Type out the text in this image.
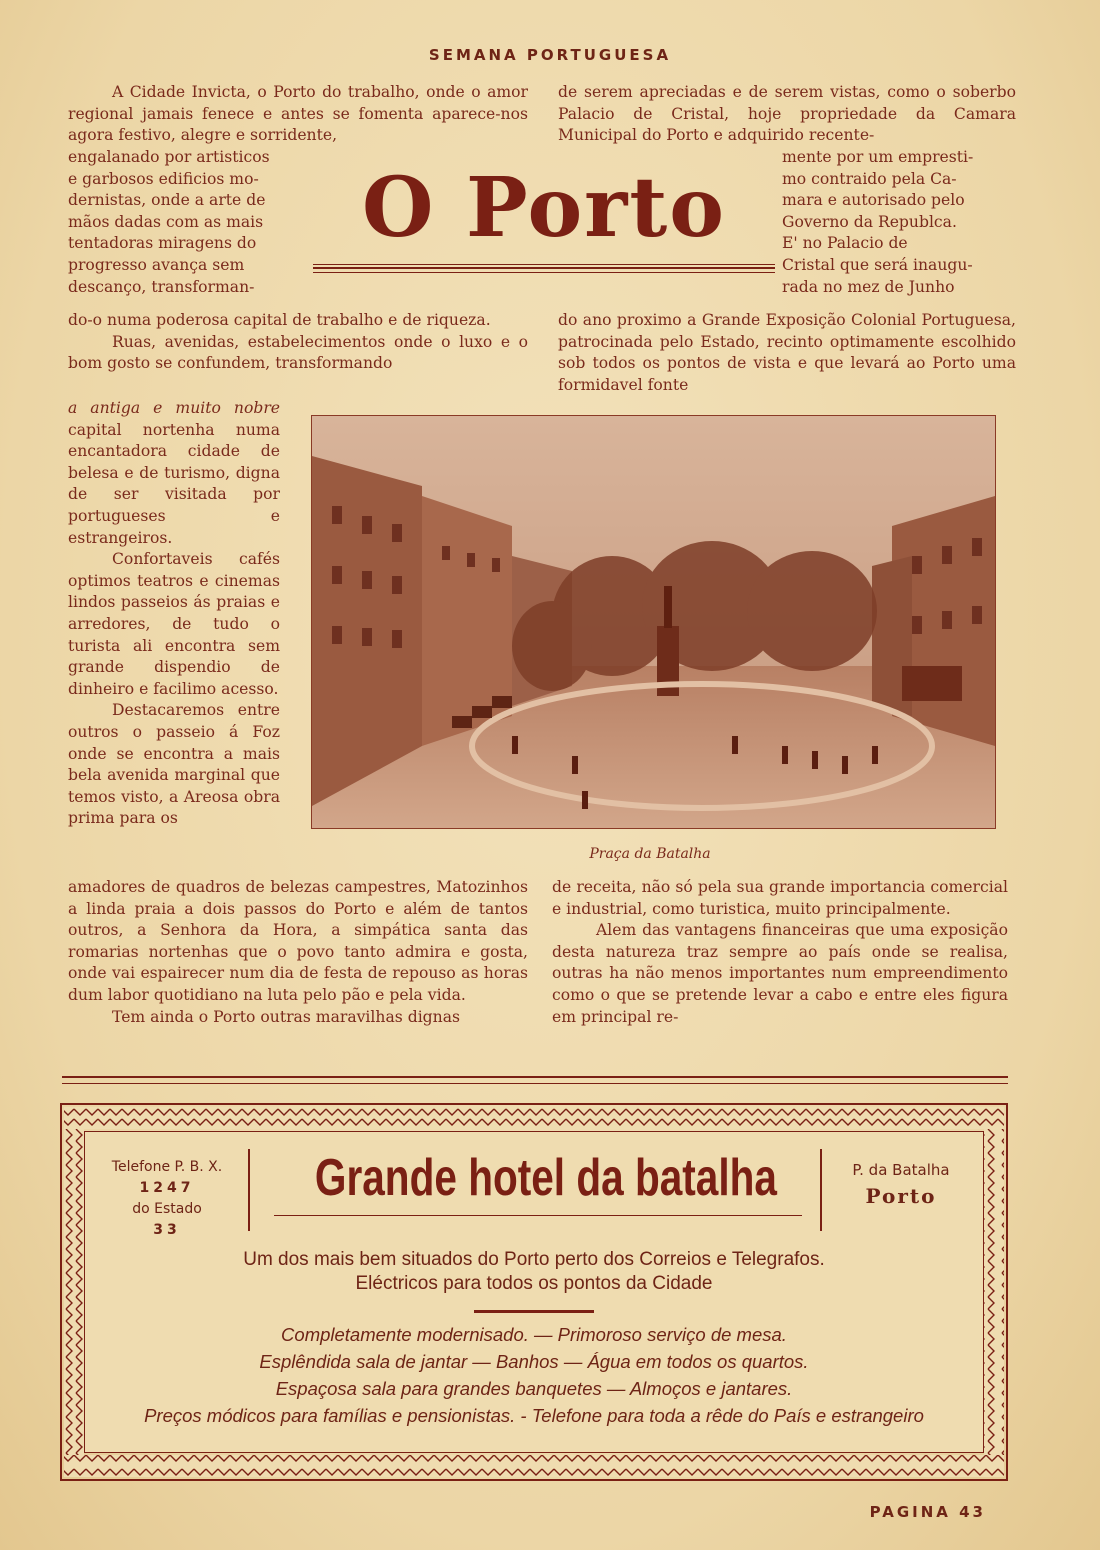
SEMANA PORTUGUESA

A Cidade Invicta, o Porto do trabalho, onde o amor regional jamais fenece e antes se fomenta aparece-nos agora festivo, alegre e sorridente,

engalanado por artisticos
e garbosos edificios mo-
dernistas, onde a arte de
mãos dadas com as mais
tentadoras miragens do
progresso avança sem
descanço, transforman-
O Porto

de serem apreciadas e de serem vistas, como o soberbo Palacio de Cristal, hoje propriedade da Camara Municipal do Porto e adquirido recente-

mente por um empresti-
mo contraido pela Ca-
mara e autorisado pelo
Governo da Republca.
E' no Palacio de
Cristal que será inaugu-
rada no mez de Junho

do-o numa poderosa capital de trabalho e de riqueza.

Ruas, avenidas, estabelecimentos onde o luxo e o bom gosto se confundem, transformando

do ano proximo a Grande Exposição Colonial Portuguesa, patrocinada pelo Estado, recinto optimamente escolhido sob todos os pontos de vista e que levará ao Porto uma formidavel fonte

a antiga e muito nobre capital nortenha numa encantadora cidade de belesa e de turismo, digna de ser visitada por portugueses e estrangeiros.

Confortaveis cafés optimos teatros e cinemas lindos passeios ás praias e arredores, de tudo o turista ali encontra sem grande dispendio de dinheiro e facilimo acesso.

Destacaremos entre outros o passeio á Foz onde se encontra a mais bela avenida marginal que temos visto, a Areosa obra prima para os

Praça da Batalha

amadores de quadros de belezas campestres, Matozinhos a linda praia a dois passos do Porto e além de tantos outros, a Senhora da Hora, a simpática santa das romarias nortenhas que o povo tanto admira e gosta, onde vai espairecer num dia de festa de repouso as horas dum labor quotidiano na luta pelo pão e pela vida.

Tem ainda o Porto outras maravilhas dignas

de receita, não só pela sua grande importancia comercial e industrial, como turistica, muito principalmente.

Alem das vantagens financeiras que uma exposição desta natureza traz sempre ao país onde se realisa, outras ha não menos importantes num empreendimento como o que se pretende levar a cabo e entre eles figura em principal re-

Telefone P. B. X.
1247
do Estado
33
Grande hotel da batalha	P. da Batalha
Porto
Um dos mais bem situados do Porto perto dos Correios e Telegrafos.
Eléctricos para todos os pontos da Cidade
Completamente modernisado. — Primoroso serviço de mesa.
Esplêndida sala de jantar — Banhos — Água em todos os quartos.
Espaçosa sala para grandes banquetes — Almoços e jantares.
Preços módicos para famílias e pensionistas. - Telefone para toda a rêde do País e estrangeiro
PAGINA 43
